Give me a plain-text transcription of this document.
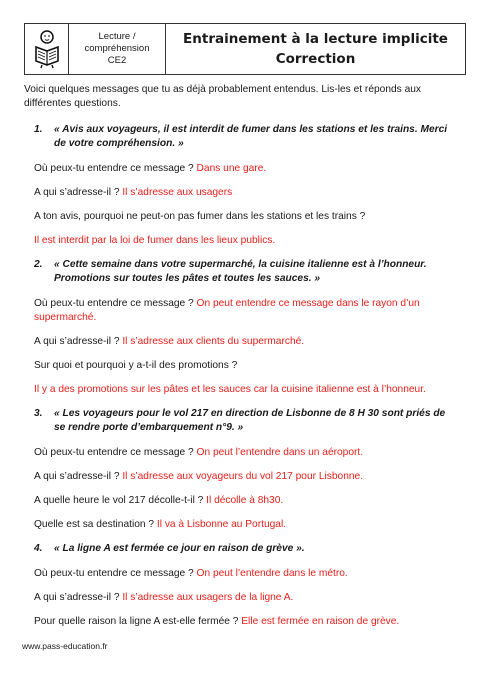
Lecture /
compréhension
CE2
Entrainement à la lecture implicite
Correction

Voici quelques messages que tu as déjà probablement entendus. Lis-les et réponds aux différentes questions.

1.	« Avis aux voyageurs, il est interdit de fumer dans les stations et les trains. Merci de votre compréhension. »

Où peux-tu entendre ce message ? Dans une gare.

A qui s’adresse-il ? Il s’adresse aux usagers

A ton avis, pourquoi ne peut-on pas fumer dans les stations et les trains ?

Il est interdit par la loi de fumer dans les lieux publics.

2.	« Cette semaine dans votre supermarché, la cuisine italienne est à l’honneur. Promotions sur toutes les pâtes et toutes les sauces. »

Où peux-tu entendre ce message ? On peut entendre ce message dans le rayon d’un supermarché.

A qui s’adresse-il ? Il s’adresse aux clients du supermarché.

Sur quoi et pourquoi y a-t-il des promotions ?

Il y a des promotions sur les pâtes et les sauces car la cuisine italienne est à l’honneur.

3.	« Les voyageurs pour le vol 217 en direction de Lisbonne de 8 H 30 sont priés de se rendre porte d’embarquement n°9. »

Où peux-tu entendre ce message ? On peut l’entendre dans un aéroport.

A qui s’adresse-il ? Il s’adresse aux voyageurs du vol 217 pour Lisbonne.

A quelle heure le vol 217 décolle-t-il ? Il décolle à 8h30.

Quelle est sa destination ? Il va à Lisbonne au Portugal.

4.	« La ligne A est fermée ce jour en raison de grève ».

Où peux-tu entendre ce message ? On peut l’entendre dans le métro.

A qui s’adresse-il ? Il s’adresse aux usagers de la ligne A.

Pour quelle raison la ligne A est-elle fermée ? Elle est fermée en raison de grève.

www.pass-education.fr
